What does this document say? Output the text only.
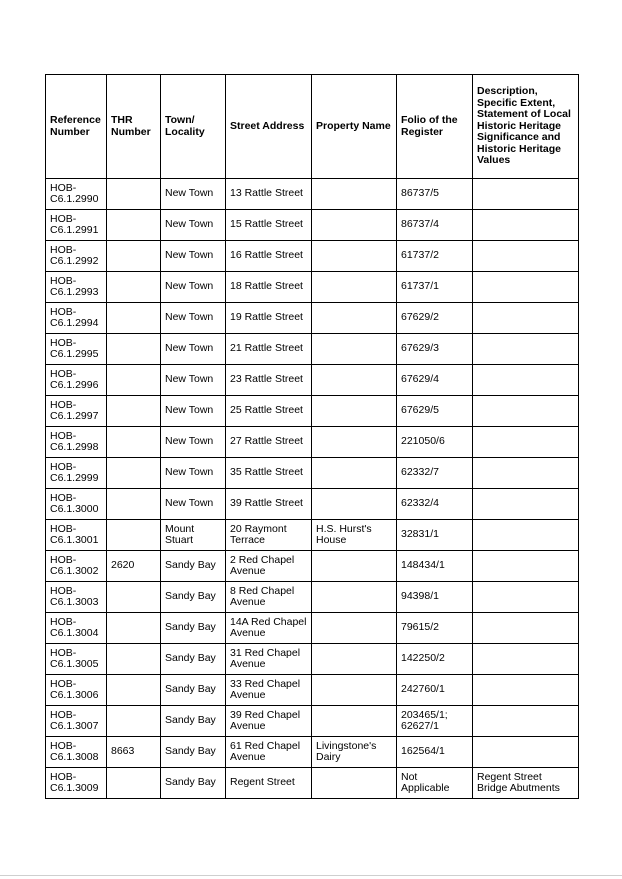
Reference Number	THR Number	Town/ Locality	Street Address	Property Name	Folio of the Register	Description, Specific Extent, Statement of Local Historic Heritage Significance and Historic Heritage Values
HOB-C6.1.2990		New Town	13 Rattle Street		86737/5	
HOB-C6.1.2991		New Town	15 Rattle Street		86737/4	
HOB-C6.1.2992		New Town	16 Rattle Street		61737/2	
HOB-C6.1.2993		New Town	18 Rattle Street		61737/1	
HOB-C6.1.2994		New Town	19 Rattle Street		67629/2	
HOB-C6.1.2995		New Town	21 Rattle Street		67629/3	
HOB-C6.1.2996		New Town	23 Rattle Street		67629/4	
HOB-C6.1.2997		New Town	25 Rattle Street		67629/5	
HOB-C6.1.2998		New Town	27 Rattle Street		221050/6	
HOB-C6.1.2999		New Town	35 Rattle Street		62332/7	
HOB-C6.1.3000		New Town	39 Rattle Street		62332/4	
HOB-C6.1.3001		Mount Stuart	20 Raymont Terrace	H.S. Hurst's House	32831/1	
HOB-C6.1.3002	2620	Sandy Bay	2 Red Chapel Avenue		148434/1	
HOB-C6.1.3003		Sandy Bay	8 Red Chapel Avenue		94398/1	
HOB-C6.1.3004		Sandy Bay	14A Red Chapel Avenue		79615/2	
HOB-C6.1.3005		Sandy Bay	31 Red Chapel Avenue		142250/2	
HOB-C6.1.3006		Sandy Bay	33 Red Chapel Avenue		242760/1	
HOB-C6.1.3007		Sandy Bay	39 Red Chapel Avenue		203465/1; 62627/1	
HOB-C6.1.3008	8663	Sandy Bay	61 Red Chapel Avenue	Livingstone's Dairy	162564/1	
HOB-C6.1.3009		Sandy Bay	Regent Street		Not Applicable	Regent Street Bridge Abutments
